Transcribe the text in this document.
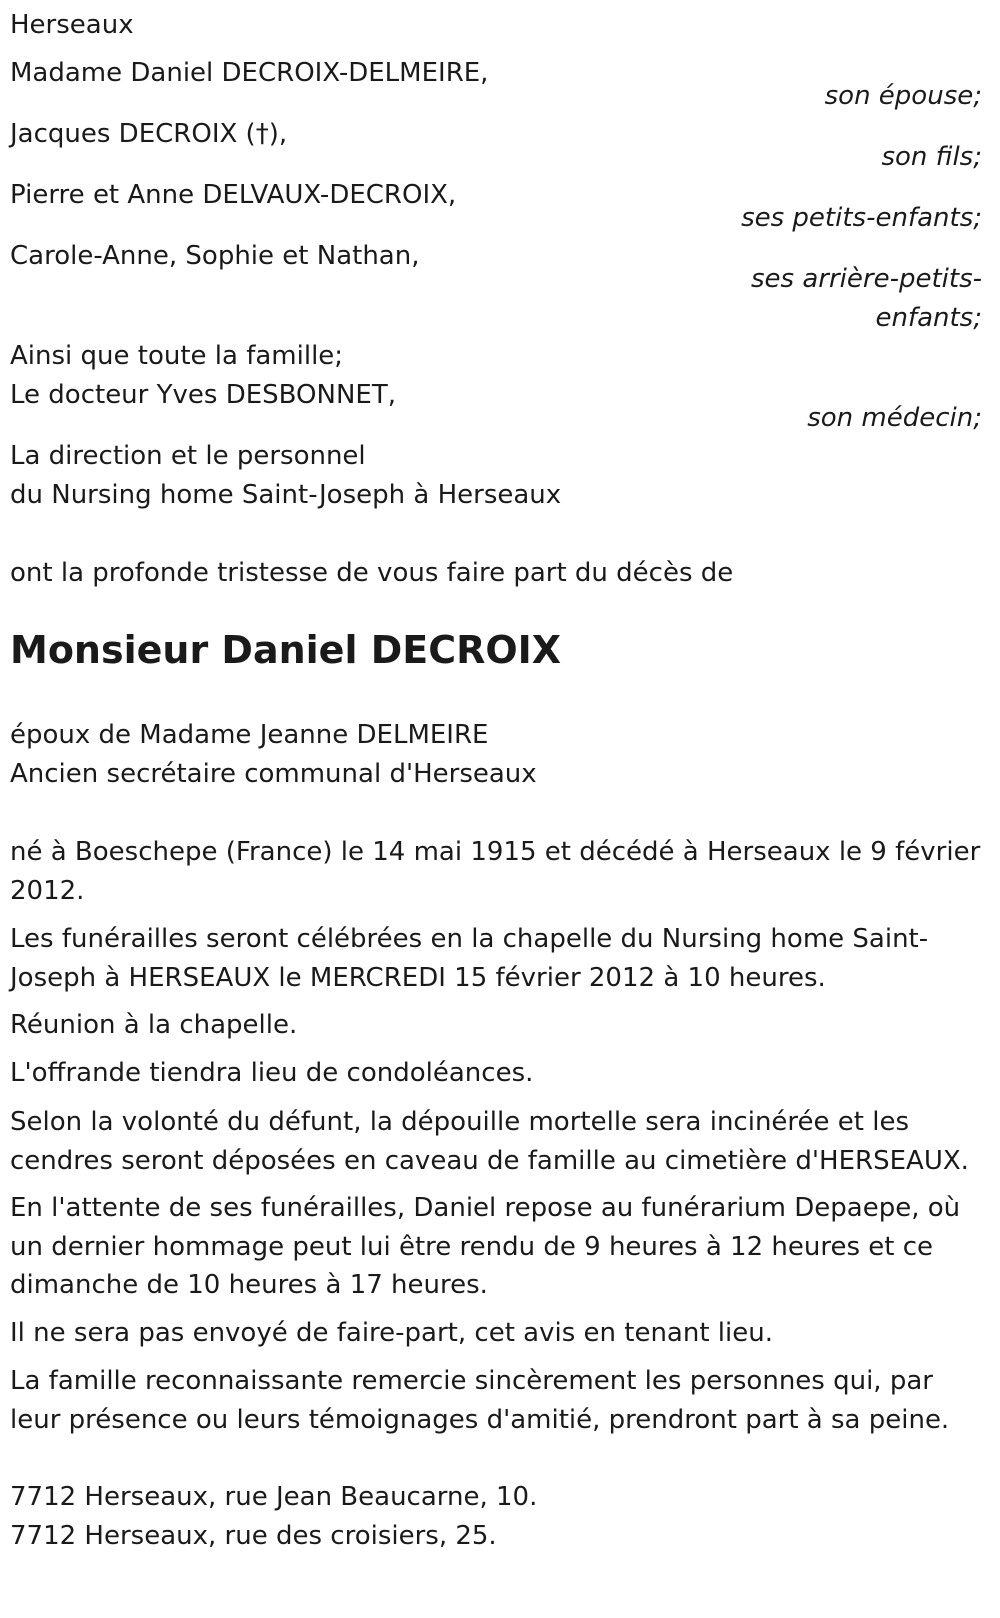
Herseaux
Madame Daniel DECROIX-DELMEIRE,
son épouse;
Jacques DECROIX (†),
son fils;
Pierre et Anne DELVAUX-DECROIX,
ses petits-enfants;
Carole-Anne, Sophie et Nathan,
ses arrière-petits-
enfants;
Ainsi que toute la famille;
Le docteur Yves DESBONNET,
son médecin;
La direction et le personnel
du Nursing home Saint-Joseph à Herseaux
ont la profonde tristesse de vous faire part du décès de
Monsieur Daniel DECROIX
époux de Madame Jeanne DELMEIRE
Ancien secrétaire communal d'Herseaux
né à Boeschepe (France) le 14 mai 1915 et décédé à Herseaux le 9 février
2012.
Les funérailles seront célébrées en la chapelle du Nursing home Saint-
Joseph à HERSEAUX le MERCREDI 15 février 2012 à 10 heures.
Réunion à la chapelle.
L'offrande tiendra lieu de condoléances.
Selon la volonté du défunt, la dépouille mortelle sera incinérée et les
cendres seront déposées en caveau de famille au cimetière d'HERSEAUX.
En l'attente de ses funérailles, Daniel repose au funérarium Depaepe, où
un dernier hommage peut lui être rendu de 9 heures à 12 heures et ce
dimanche de 10 heures à 17 heures.
Il ne sera pas envoyé de faire-part, cet avis en tenant lieu.
La famille reconnaissante remercie sincèrement les personnes qui, par
leur présence ou leurs témoignages d'amitié, prendront part à sa peine.
7712 Herseaux, rue Jean Beaucarne, 10.
7712 Herseaux, rue des croisiers, 25.
